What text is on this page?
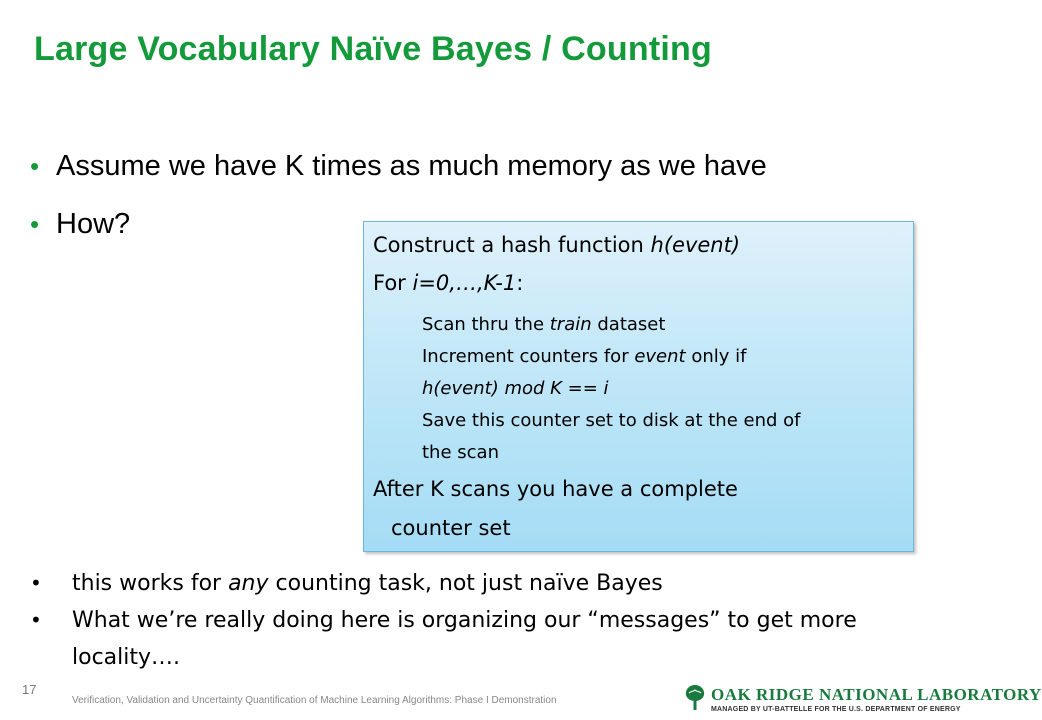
Large Vocabulary Naïve Bayes / Counting
• Assume we have K times as much memory as we have
• How?
Construct a hash function h(event)
For i=0,…,K-1:
Scan thru the train dataset
Increment counters for event only if
h(event) mod K == i
Save this counter set to disk at the end of
the scan
After K scans you have a complete
counter set
• this works for any counting task, not just naïve Bayes
• What we’re really doing here is organizing our “messages” to get more locality….
17
Verification, Validation and Uncertainty Quantification of Machine Learning Algorithms: Phase I Demonstration	OAK RIDGE NATIONAL LABORATORY
MANAGED BY UT-BATTELLE FOR THE U.S. DEPARTMENT OF ENERGY
